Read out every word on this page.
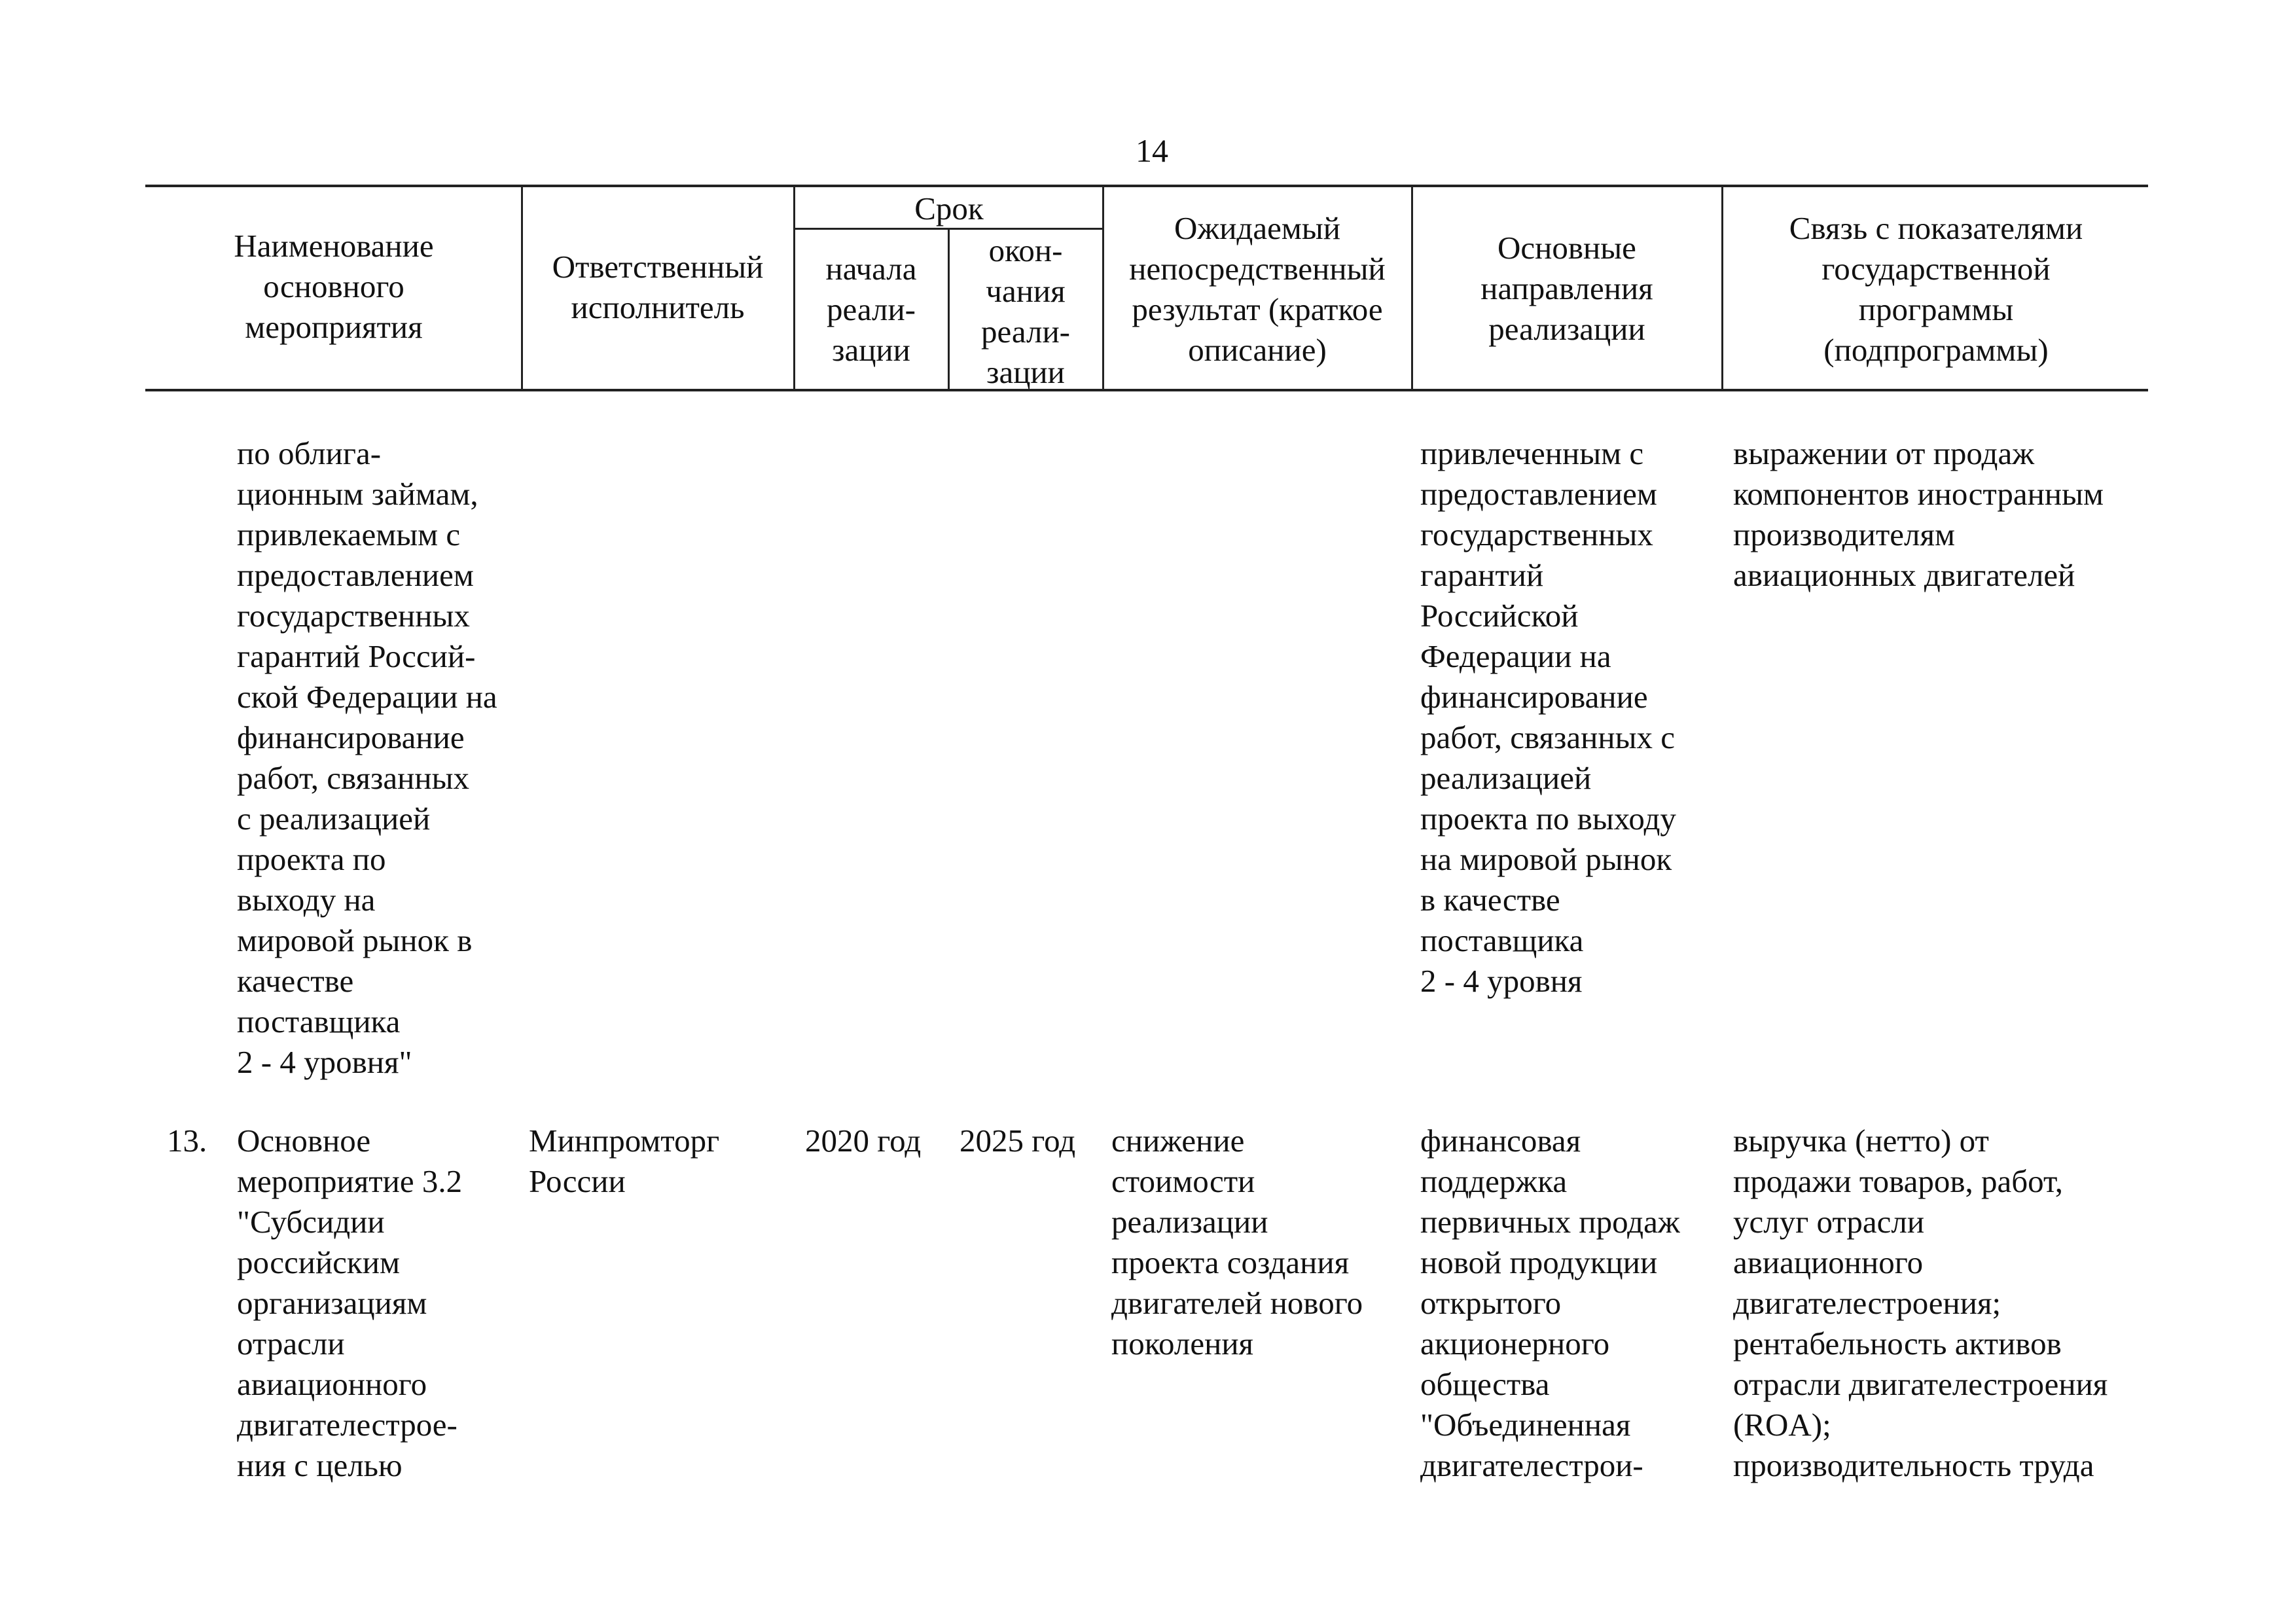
14
Наименование
основного
мероприятия
Ответственный
исполнитель
Срок
начала
реали-
зации
окон-
чания
реали-
зации
Ожидаемый
непосредственный
результат (краткое
описание)
Основные
направления
реализации
Связь с показателями
государственной
программы
(подпрограммы)
по облига-
ционным займам,
привлекаемым с
предоставлением
государственных
гарантий Россий-
ской Федерации на
финансирование
работ, связанных
с реализацией
проекта по
выходу на
мировой рынок в
качестве
поставщика
2 - 4 уровня"
привлеченным с
предоставлением
государственных
гарантий
Российской
Федерации на
финансирование
работ, связанных с
реализацией
проекта по выходу
на мировой рынок
в качестве
поставщика
2 - 4 уровня
выражении от продаж
компонентов иностранным
производителям
авиационных двигателей
13. Основное
мероприятие 3.2
"Субсидии
российским
организациям
отрасли
авиационного
двигателестрое-
ния с целью
Минпромторг
России
2020 год	2025 год	снижение
стоимости
реализации
проекта создания
двигателей нового
поколения
финансовая
поддержка
первичных продаж
новой продукции
открытого
акционерного
общества
"Объединенная
двигателестрои-
выручка (нетто) от
продажи товаров, работ,
услуг отрасли
авиационного
двигателестроения;
рентабельность активов
отрасли двигателестроения
(ROA);
производительность труда
